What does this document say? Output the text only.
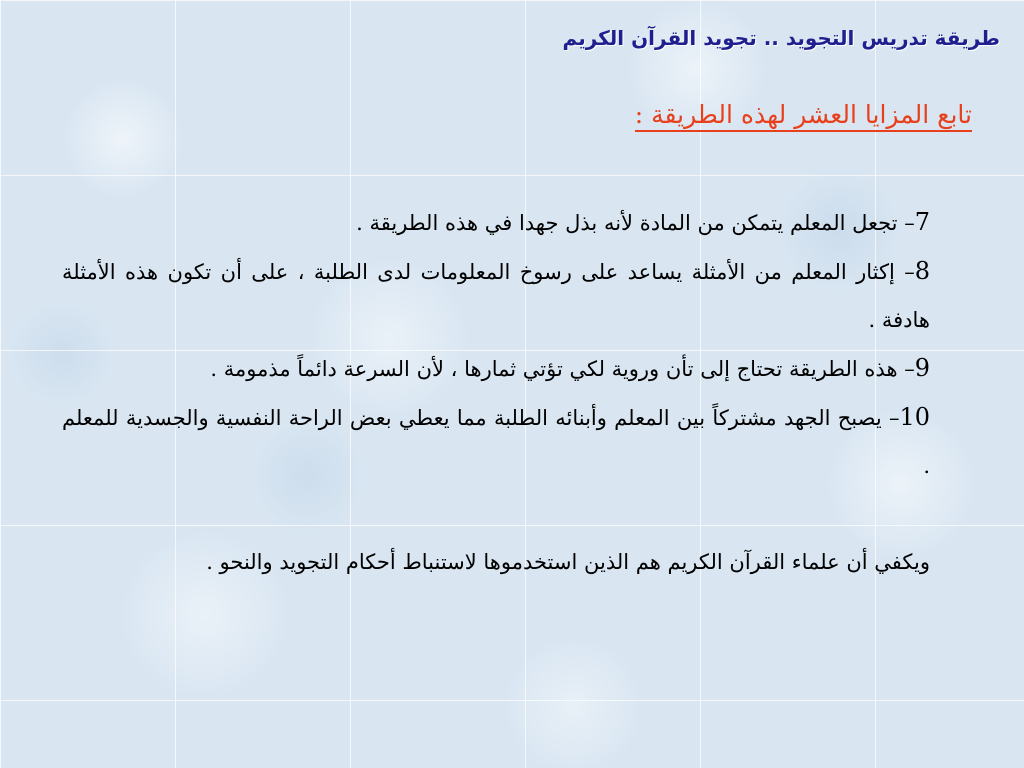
طريقة تدريس التجويد .. تجويد القرآن الكريم
تابع المزايا العشر لهذه الطريقة :

7– تجعل المعلم يتمكن من المادة لأنه بذل جهدا في هذه الطريقة .

8– إكثار المعلم من الأمثلة يساعد على رسوخ المعلومات لدى الطلبة ، على أن تكون هذه الأمثلة هادفة .

9– هذه الطريقة تحتاج إلى تأن وروية لكي تؤتي ثمارها ، لأن السرعة دائماً مذمومة .

10– يصبح الجهد مشتركاً بين المعلم وأبنائه الطلبة مما يعطي بعض الراحة النفسية والجسدية للمعلم .

ويكفي أن علماء القرآن الكريم هم الذين استخدموها لاستنباط أحكام التجويد والنحو .
